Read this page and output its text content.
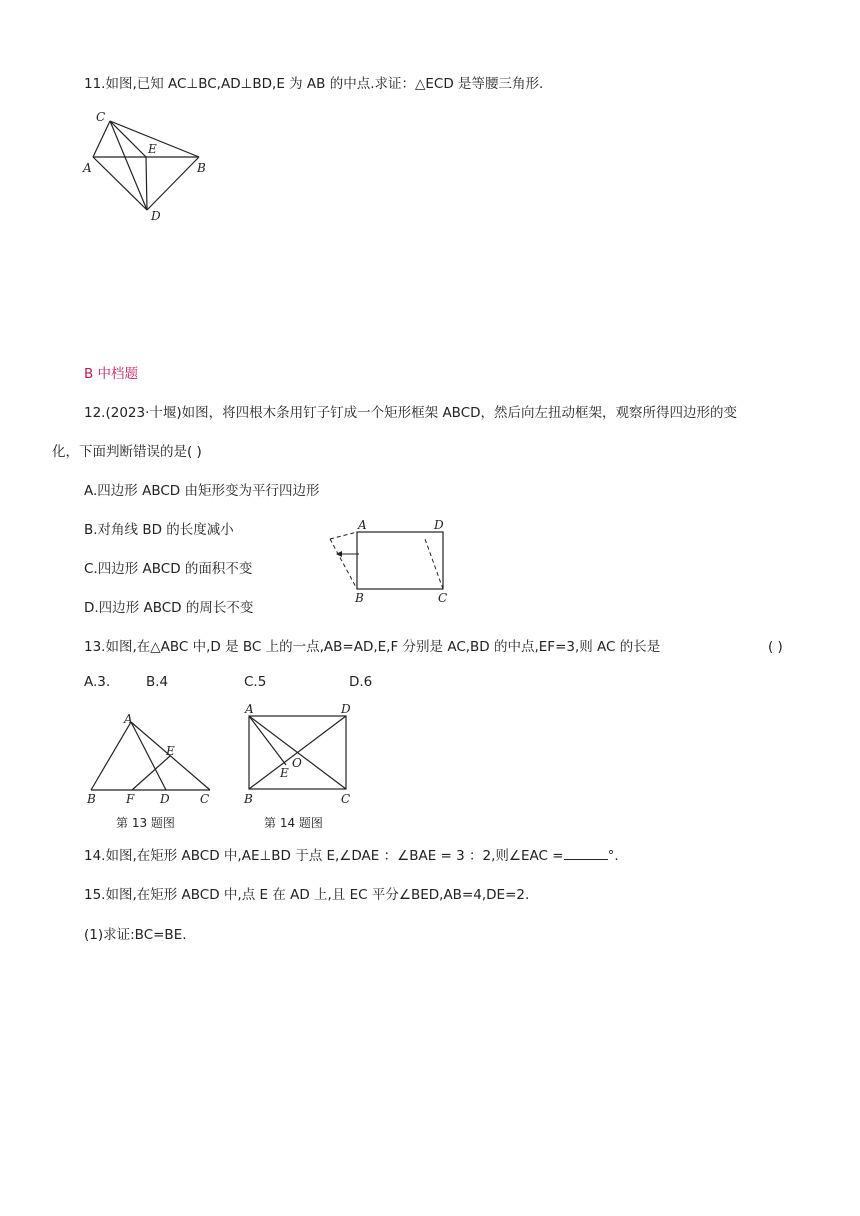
11.如图,已知 AC⊥BC,AD⊥BD,E 为 AB 的中点.求证：△ECD 是等腰三角形.
C
E
A	B
D
B 中档题
12.(2023·十堰)如图，将四根木条用钉子钉成一个矩形框架 ABCD，然后向左扭动框架，观察所得四边形的变
化，下面判断错误的是( )
A.四边形 ABCD 由矩形变为平行四边形
B.对角线 BD 的长度减小
C.四边形 ABCD 的面积不变
D.四边形 ABCD 的周长不变
A	D
B	C
13.如图,在△ABC 中,D 是 BC 上的一点,AB=AD,E,F 分别是 AC,BD 的中点,EF=3,则 AC 的长是	( )
A.3.	B.4	C.5	D.6
A
E
B	F D	C
第 13 题图
A	D
O
E
B	C
第 14 题图
14.如图,在矩形 ABCD 中,AE⊥BD 于点 E,∠DAE ：∠BAE = 3 ：2,则∠EAC =	°.
15.如图,在矩形 ABCD 中,点 E 在 AD 上,且 EC 平分∠BED,AB=4,DE=2.
(1)求证:BC=BE.
